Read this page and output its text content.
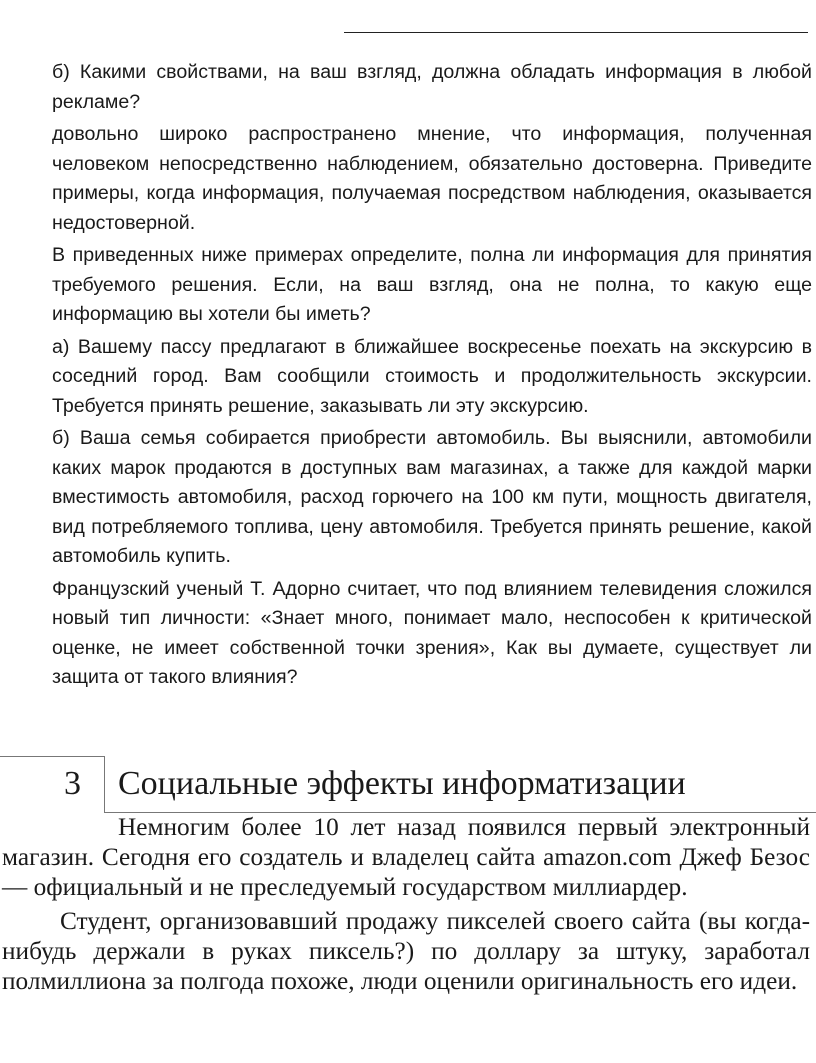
б) Какими свойствами, на ваш взгляд, должна обладать информация в любой рекламе?

довольно широко распространено мнение, что информация, полученная человеком непосредственно наблюдением, обязательно достоверна. Приведите примеры, когда информация, получаемая посредством наблюдения, оказывается недостоверной.

В приведенных ниже примерах определите, полна ли информация для принятия требуемого решения. Если, на ваш взгляд, она не полна, то какую еще информацию вы хотели бы иметь?

а) Вашему пассу предлагают в ближайшее воскресенье поехать на экскурсию в соседний город. Вам сообщили стоимость и продолжительность экскурсии. Требуется принять решение, заказывать ли эту экскурсию.

б) Ваша семья собирается приобрести автомобиль. Вы выяснили, автомобили каких марок продаются в доступных вам магазинах, а также для каждой марки вместимость автомобиля, расход горючего на 100 км пути, мощность двигателя, вид потребляемого топлива, цену автомобиля. Требуется принять решение, какой автомобиль купить.

Французский ученый Т. Адорно считает, что под влиянием телевидения сложился новый тип личности: «Знает много, понимает мало, неспособен к критической оценке, не имеет собственной точки зрения», Как вы думаете, существует ли защита от такого влияния?

3 Социальные эффекты информатизации

Немногим более 10 лет назад появился первый электронный магазин. Сегодня его создатель и владелец сайта amazon.com Джеф Безос — официальный и не преследуемый государством миллиардер.

Студент, организовавший продажу пикселей своего сайта (вы когда-нибудь держали в руках пиксель?) по доллару за штуку, заработал полмиллиона за полгода похоже, люди оценили оригинальность его идеи.
